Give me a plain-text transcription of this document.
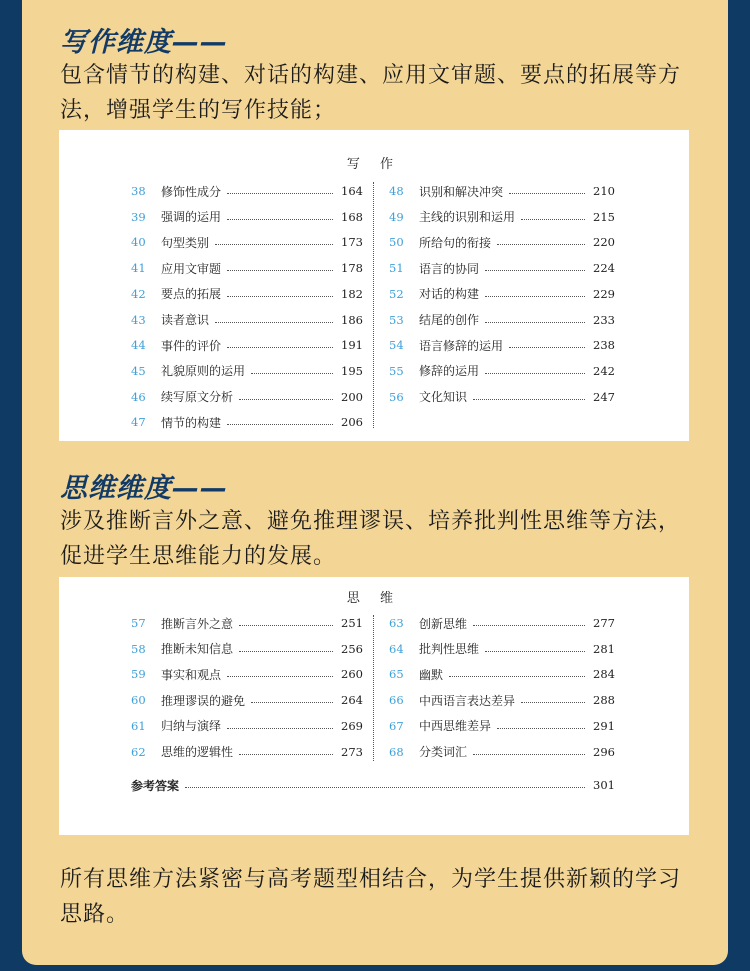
写作维度——
包含情节的构建、对话的构建、应用文审题、要点的拓展等方法，增强学生的写作技能；
写 作
38	修饰性成分	164
39	强调的运用	168
40	句型类别	173
41	应用文审题	178
42	要点的拓展	182
43	读者意识	186
44	事件的评价	191
45	礼貌原则的运用	195
46	续写原文分析	200
47	情节的构建	206
48	识别和解决冲突	210
49	主线的识别和运用	215
50	所给句的衔接	220
51	语言的协同	224
52	对话的构建	229
53	结尾的创作	233
54	语言修辞的运用	238
55	修辞的运用	242
56	文化知识	247
思维维度——
涉及推断言外之意、避免推理谬误、培养批判性思维等方法，促进学生思维能力的发展。
思 维
57	推断言外之意	251
58	推断未知信息	256
59	事实和观点	260
60	推理谬误的避免	264
61	归纳与演绎	269
62	思维的逻辑性	273
63	创新思维	277
64	批判性思维	281
65	幽默	284
66	中西语言表达差异	288
67	中西思维差异	291
68	分类词汇	296
参考答案	301
所有思维方法紧密与高考题型相结合，为学生提供新颖的学习思路。
